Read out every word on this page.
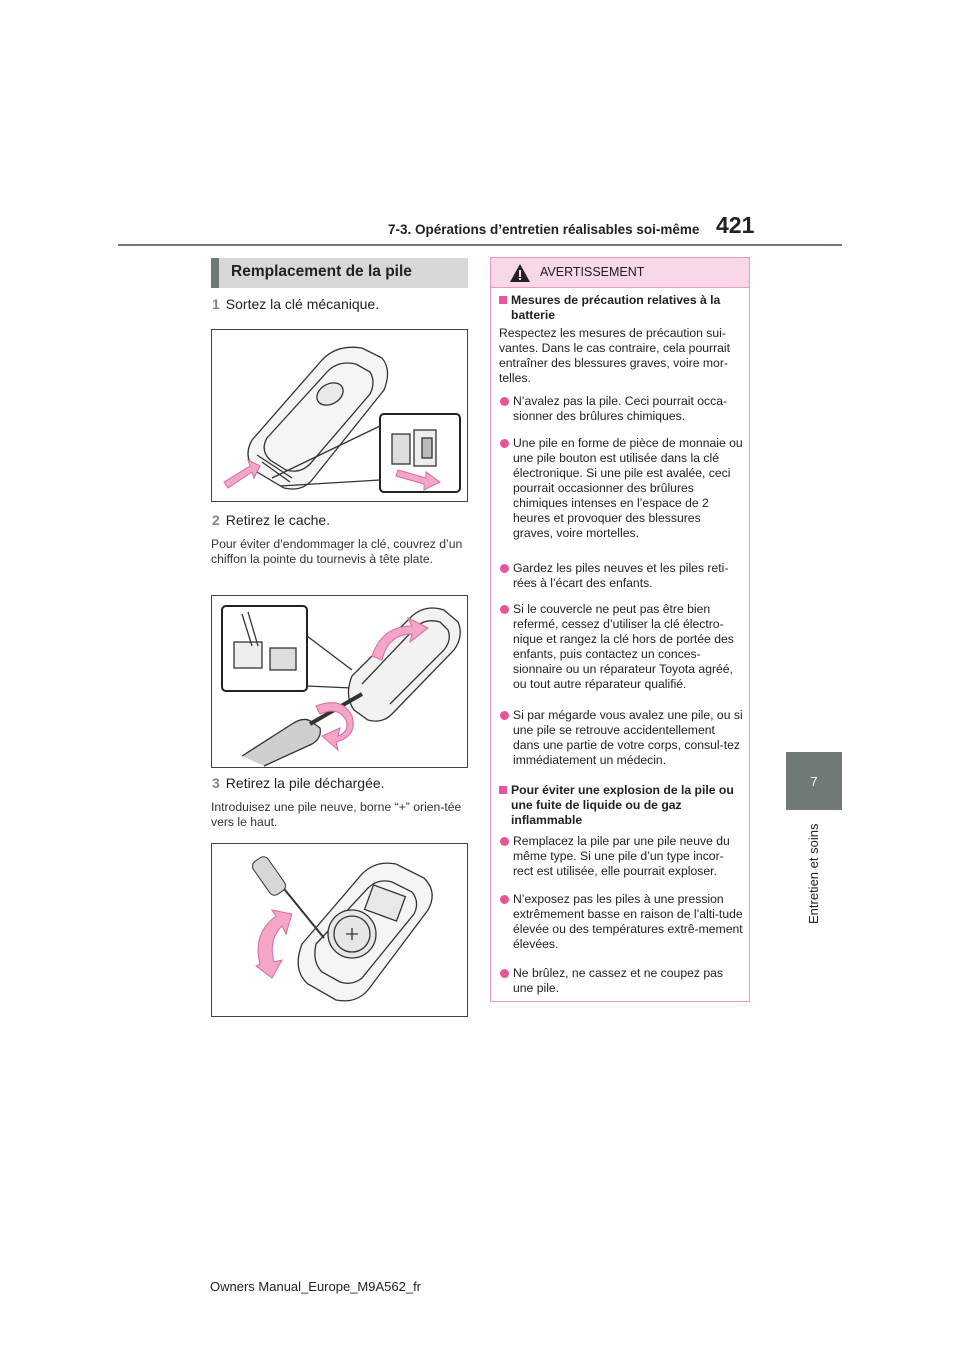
7-3. Opérations d’entretien réalisables soi-même 421
7
Entretien et soins
Remplacement de la pile
1 Sortez la clé mécanique.
2 Retirez le cache.
Pour éviter d’endommager la clé, couvrez d’un chiffon la pointe du tournevis à tête plate.
3 Retirez la pile déchargée.
Introduisez une pile neuve, borne “+” orien-tée vers le haut.
AVERTISSEMENT
Mesures de précaution relatives à la batterie
Respectez les mesures de précaution sui-vantes. Dans le cas contraire, cela pourrait entraîner des blessures graves, voire mor-telles.
N’avalez pas la pile. Ceci pourrait occa-sionner des brûlures chimiques.
Une pile en forme de pièce de monnaie ou une pile bouton est utilisée dans la clé électronique. Si une pile est avalée, ceci pourrait occasionner des brûlures chimiques intenses en l’espace de 2 heures et provoquer des blessures graves, voire mortelles.
Gardez les piles neuves et les piles reti-rées à l’écart des enfants.
Si le couvercle ne peut pas être bien refermé, cessez d’utiliser la clé électro-nique et rangez la clé hors de portée des enfants, puis contactez un conces-sionnaire ou un réparateur Toyota agréé, ou tout autre réparateur qualifié.
Si par mégarde vous avalez une pile, ou si une pile se retrouve accidentellement dans une partie de votre corps, consul-tez immédiatement un médecin.
Pour éviter une explosion de la pile ou une fuite de liquide ou de gaz inflammable
Remplacez la pile par une pile neuve du même type. Si une pile d’un type incor-rect est utilisée, elle pourrait exploser.
N’exposez pas les piles à une pression extrêmement basse en raison de l’alti-tude élevée ou des températures extrê-mement élevées.
Ne brûlez, ne cassez et ne coupez pas une pile.
Owners Manual_Europe_M9A562_fr
